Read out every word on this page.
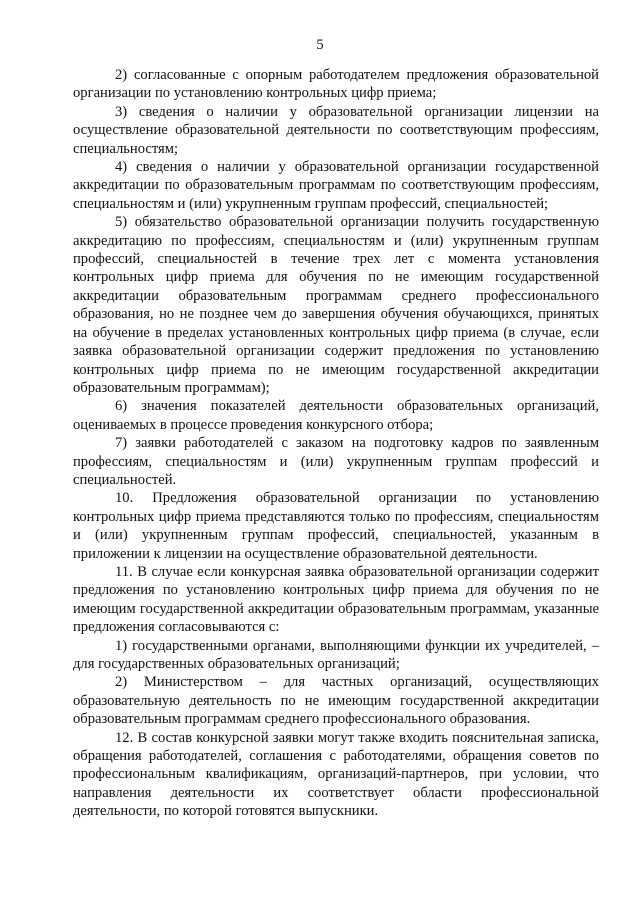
5

2) согласованные с опорным работодателем предложения образовательной организации по установлению контрольных цифр приема;

3) сведения о наличии у образовательной организации лицензии на осуществление образовательной деятельности по соответствующим профессиям, специальностям;

4) сведения о наличии у образовательной организации государственной аккредитации по образовательным программам по соответствующим профессиям, специальностям и (или) укрупненным группам профессий, специальностей;

5) обязательство образовательной организации получить государственную аккредитацию по профессиям, специальностям и (или) укрупненным группам профессий, специальностей в течение трех лет с момента установления контрольных цифр приема для обучения по не имеющим государственной аккредитации образовательным программам среднего профессионального образования, но не позднее чем до завершения обучения обучающихся, принятых на обучение в пределах установленных контрольных цифр приема (в случае, если заявка образовательной организации содержит предложения по установлению контрольных цифр приема по не имеющим государственной аккредитации образовательным программам);

6) значения показателей деятельности образовательных организаций, оцениваемых в процессе проведения конкурсного отбора;

7) заявки работодателей с заказом на подготовку кадров по заявленным профессиям, специальностям и (или) укрупненным группам профессий и специальностей.

10. Предложения образовательной организации по установлению контрольных цифр приема представляются только по профессиям, специальностям и (или) укрупненным группам профессий, специальностей, указанным в приложении к лицензии на осуществление образовательной деятельности.

11. В случае если конкурсная заявка образовательной организации содержит предложения по установлению контрольных цифр приема для обучения по не имеющим государственной аккредитации образовательным программам, указанные предложения согласовываются с:

1) государственными органами, выполняющими функции их учредителей, – для государственных образовательных организаций;

2) Министерством – для частных организаций, осуществляющих образовательную деятельность по не имеющим государственной аккредитации образовательным программам среднего профессионального образования.

12. В состав конкурсной заявки могут также входить пояснительная записка, обращения работодателей, соглашения с работодателями, обращения советов по профессиональным квалификациям, организаций-партнеров, при условии, что направления деятельности их соответствует области профессиональной деятельности, по которой готовятся выпускники.
